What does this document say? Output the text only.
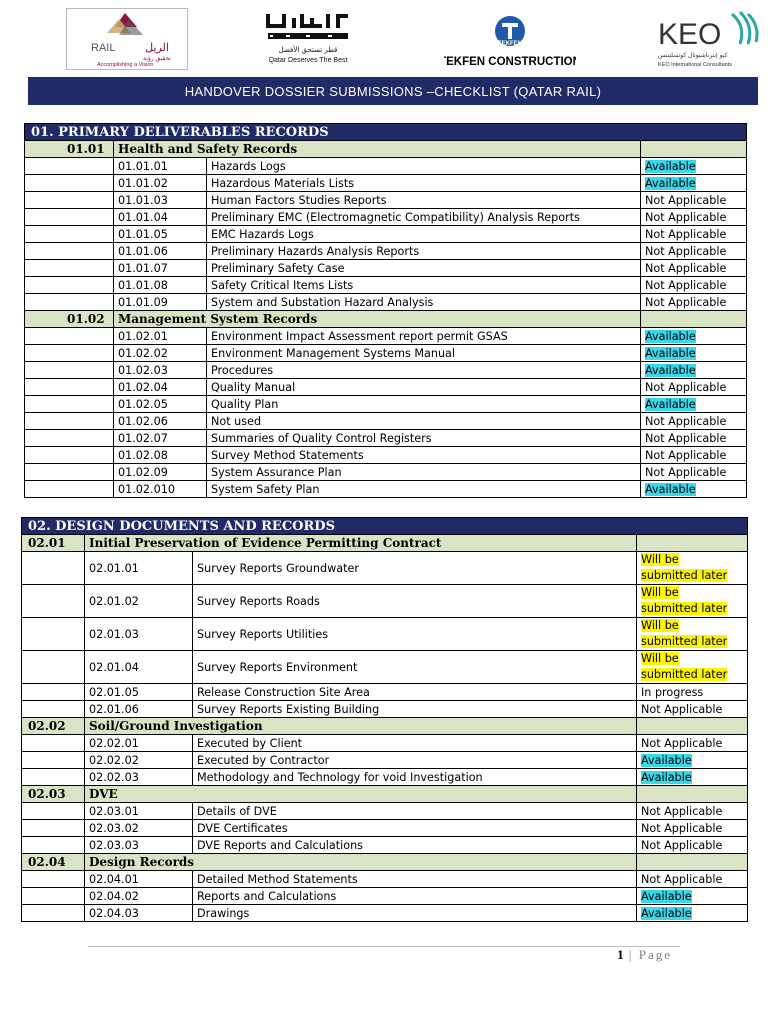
RAIL	الريل
تحقيق رؤية
Accomplishing a Vision
قطر تستحق الأفضل
Qatar Deserves The Best
TEKFEN
TEKFEN CONSTRUCTION
KEO
كيو إنترناشيونال كونسلتنتس
KEO International Consultants
HANDOVER DOSSIER SUBMISSIONS –CHECKLIST (QATAR RAIL)
01. PRIMARY DELIVERABLES RECORDS			
01.01	Health and Safety Records		
	01.01.01	Hazards Logs	Available
	01.01.02	Hazardous Materials Lists	Available
	01.01.03	Human Factors Studies Reports	Not Applicable
	01.01.04	Preliminary EMC (Electromagnetic Compatibility) Analysis Reports	Not Applicable
	01.01.05	EMC Hazards Logs	Not Applicable
	01.01.06	Preliminary Hazards Analysis Reports	Not Applicable
	01.01.07	Preliminary Safety Case	Not Applicable
	01.01.08	Safety Critical Items Lists	Not Applicable
	01.01.09	System and Substation Hazard Analysis	Not Applicable
01.02	Management System Records		
	01.02.01	Environment Impact Assessment report permit GSAS	Available
	01.02.02	Environment Management Systems Manual	Available
	01.02.03	Procedures	Available
	01.02.04	Quality Manual	Not Applicable
	01.02.05	Quality Plan	Available
	01.02.06	Not used	Not Applicable
	01.02.07	Summaries of Quality Control Registers	Not Applicable
	01.02.08	Survey Method Statements	Not Applicable
	01.02.09	System Assurance Plan	Not Applicable
	01.02.010	System Safety Plan	Available
02. DESIGN DOCUMENTS AND RECORDS			
02.01	Initial Preservation of Evidence Permitting Contract		
	02.01.01	Survey Reports Groundwater	Will be
submitted later

	02.01.02	Survey Reports Roads	Will be
submitted later

	02.01.03	Survey Reports Utilities	Will be
submitted later

	02.01.04	Survey Reports Environment	Will be
submitted later

	02.01.05	Release Construction Site Area	In progress
	02.01.06	Survey Reports Existing Building	Not Applicable
02.02	Soil/Ground Investigation		
	02.02.01	Executed by Client	Not Applicable
	02.02.02	Executed by Contractor	Available
	02.02.03	Methodology and Technology for void Investigation	Available
02.03	DVE		
	02.03.01	Details of DVE	Not Applicable
	02.03.02	DVE Certificates	Not Applicable
	02.03.03	DVE Reports and Calculations	Not Applicable
02.04	Design Records		
	02.04.01	Detailed Method Statements	Not Applicable
	02.04.02	Reports and Calculations	Available
	02.04.03	Drawings	Available
1 | Page
